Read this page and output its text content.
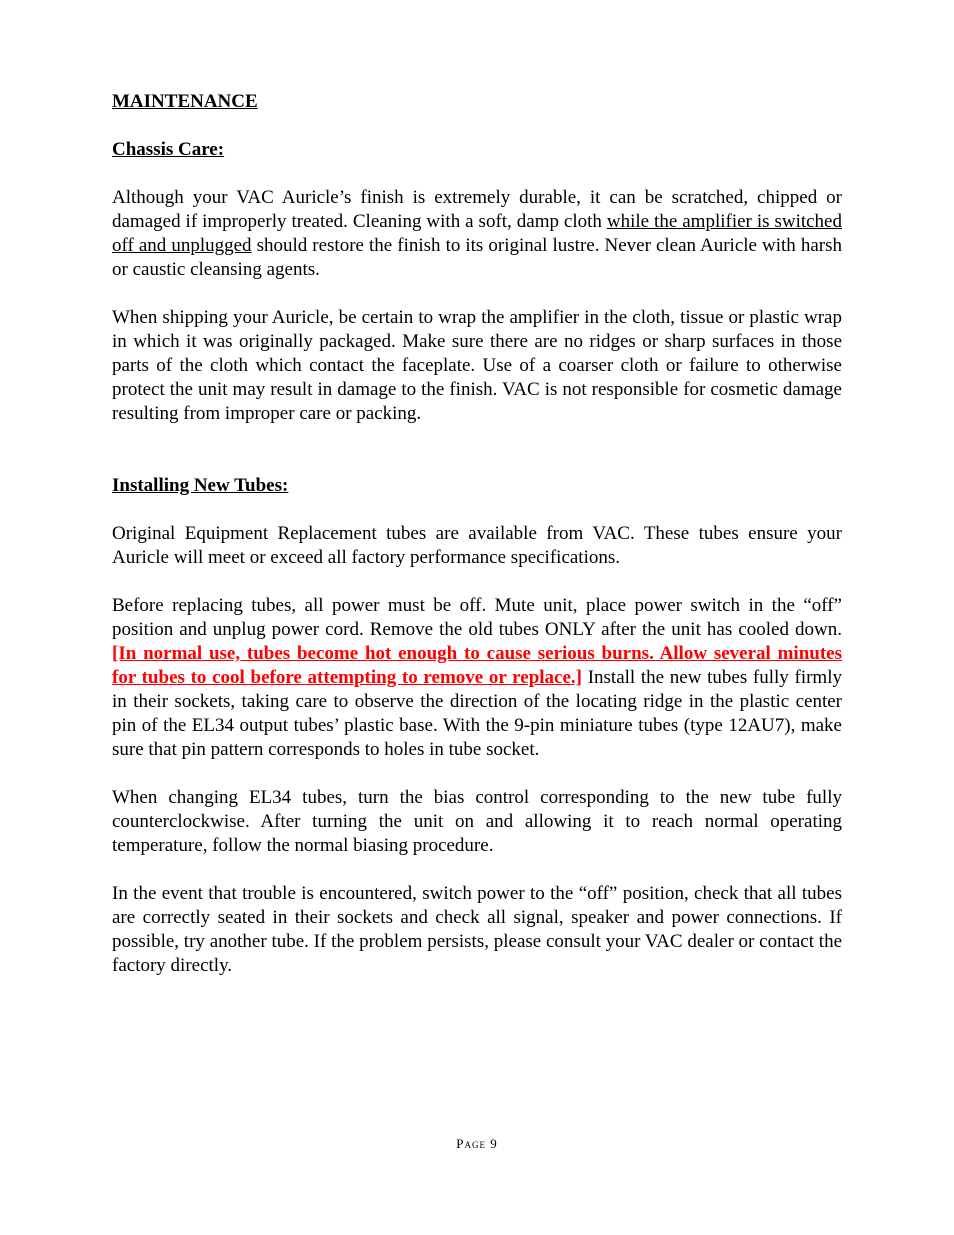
MAINTENANCE
Chassis Care:

Although your VAC Auricle’s finish is extremely durable, it can be scratched, chipped or damaged if improperly treated. Cleaning with a soft, damp cloth while the amplifier is switched off and unplugged should restore the finish to its original lustre. Never clean Auricle with harsh or caustic cleansing agents.

When shipping your Auricle, be certain to wrap the amplifier in the cloth, tissue or plastic wrap in which it was originally packaged. Make sure there are no ridges or sharp surfaces in those parts of the cloth which contact the faceplate. Use of a coarser cloth or failure to otherwise protect the unit may result in damage to the finish. VAC is not responsible for cosmetic damage resulting from improper care or packing.

Installing New Tubes:

Original Equipment Replacement tubes are available from VAC. These tubes ensure your Auricle will meet or exceed all factory performance specifications.

Before replacing tubes, all power must be off. Mute unit, place power switch in the “off” position and unplug power cord. Remove the old tubes ONLY after the unit has cooled down. [In normal use, tubes become hot enough to cause serious burns. Allow several minutes for tubes to cool before attempting to remove or replace.] Install the new tubes fully firmly in their sockets, taking care to observe the direction of the locating ridge in the plastic center pin of the EL34 output tubes’ plastic base. With the 9-pin miniature tubes (type 12AU7), make sure that pin pattern corresponds to holes in tube socket.

When changing EL34 tubes, turn the bias control corresponding to the new tube fully counterclockwise. After turning the unit on and allowing it to reach normal operating temperature, follow the normal biasing procedure.

In the event that trouble is encountered, switch power to the “off” position, check that all tubes are correctly seated in their sockets and check all signal, speaker and power connections. If possible, try another tube. If the problem persists, please consult your VAC dealer or contact the factory directly.

Page 9
